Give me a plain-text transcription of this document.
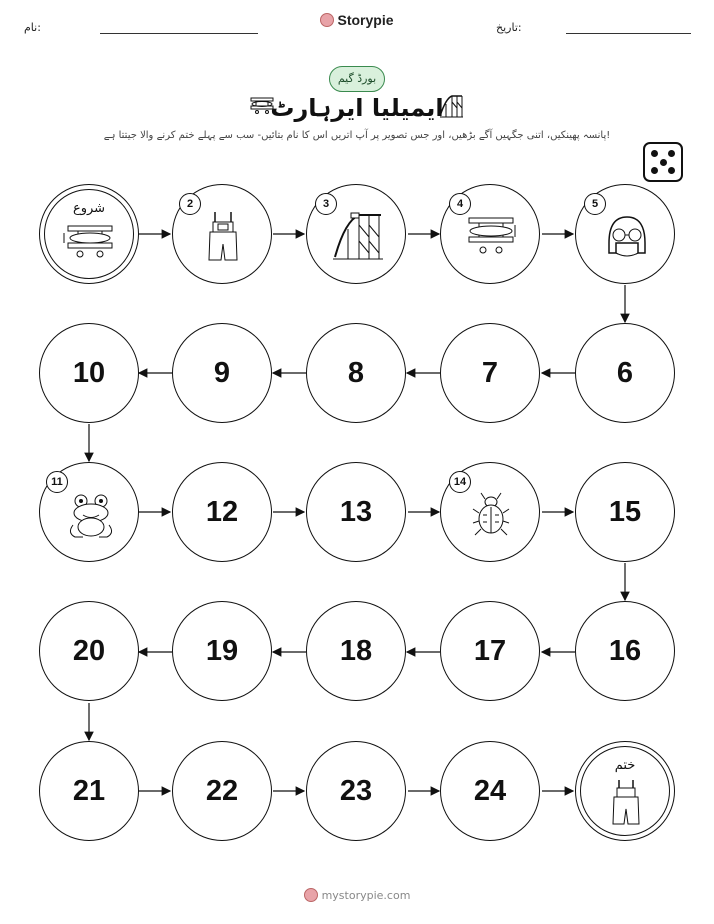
نام:	Storypie	تاریخ:
بورڈ گیم
ایمیلیا ایرہارٹ
پانسہ پھینکیں، اتنی جگہیں آگے بڑھیں، اور جس تصویر پر آپ اتریں اس کا نام بتائیں- سب سے پہلے ختم کرنے والا جیتتا ہے!
شروع	2	3	4	5
6
7
8
9
10
11
12	13
14
15
16
17
18
19
20
21	22	23	24
ختم
mystorypie.com
